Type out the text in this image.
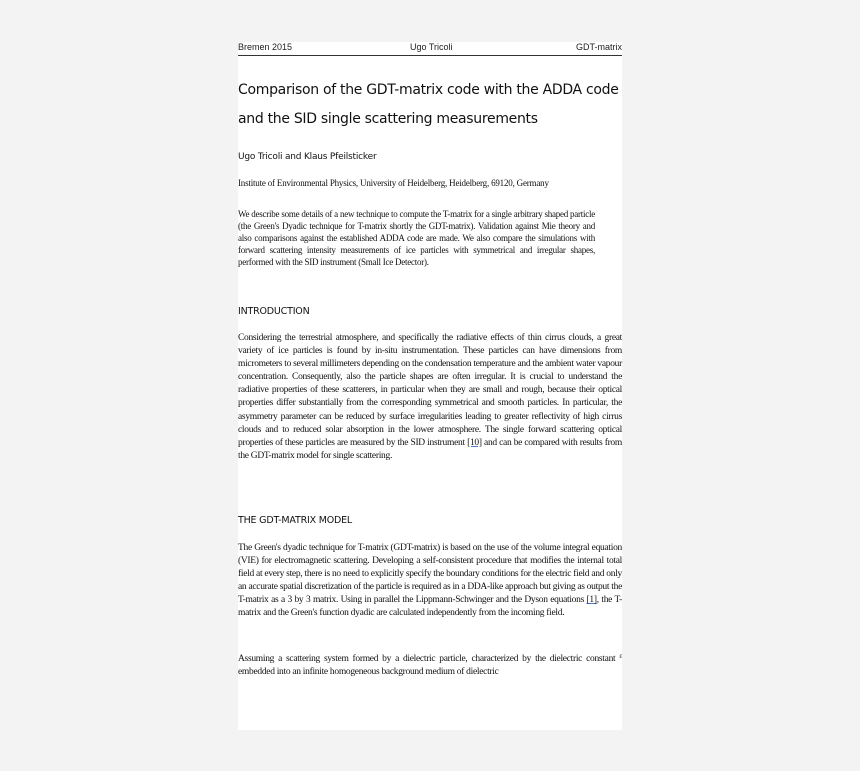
Bremen 2015	Ugo Tricoli	GDT-matrix
Comparison of the GDT-matrix code with the ADDA code and the SID single scattering measurements
Ugo Tricoli and Klaus Pfeilsticker
Institute of Environmental Physics, University of Heidelberg, Heidelberg, 69120, Germany

We describe some details of a new technique to compute the T-matrix for a single arbitrary shaped particle (the Green's Dyadic technique for T-matrix shortly the GDT-matrix). Validation against Mie theory and also comparisons against the established ADDA code are made. We also compare the simulations with forward scattering intensity measurements of ice particles with symmetrical and irregular shapes, performed with the SID instrument (Small Ice Detector).

INTRODUCTION

Considering the terrestrial atmosphere, and specifically the radiative effects of thin cirrus clouds, a great variety of ice particles is found by in-situ instrumentation. These particles can have dimensions from micrometers to several millimeters depending on the condensation temperature and the ambient water vapour concentration. Consequently, also the particle shapes are often irregular. It is crucial to understand the radiative properties of these scatterers, in particular when they are small and rough, because their optical properties differ substantially from the corresponding symmetrical and smooth particles. In particular, the asymmetry parameter can be reduced by surface irregularities leading to greater reflectivity of high cirrus clouds and to reduced solar absorption in the lower atmosphere. The single forward scattering optical properties of these particles are measured by the SID instrument [10] and can be compared with results from the GDT-matrix model for single scattering.

THE GDT-MATRIX MODEL

The Green's dyadic technique for T-matrix (GDT-matrix) is based on the use of the volume integral equation (VIE) for electromagnetic scattering. Developing a self-consistent procedure that modifies the internal total field at every step, there is no need to explicitly specify the boundary conditions for the electric field and only an accurate spatial discretization of the particle is required as in a DDA-like approach but giving as output the T-matrix as a 3 by 3 matrix. Using in parallel the Lippmann-Schwinger and the Dyson equations [1], the T-matrix and the Green's function dyadic are calculated independently from the incoming field.

Assuming a scattering system formed by a dielectric particle, characterized by the dielectric constant $^\varepsilon$ embedded into an infinite homogeneous background medium of dielectric
